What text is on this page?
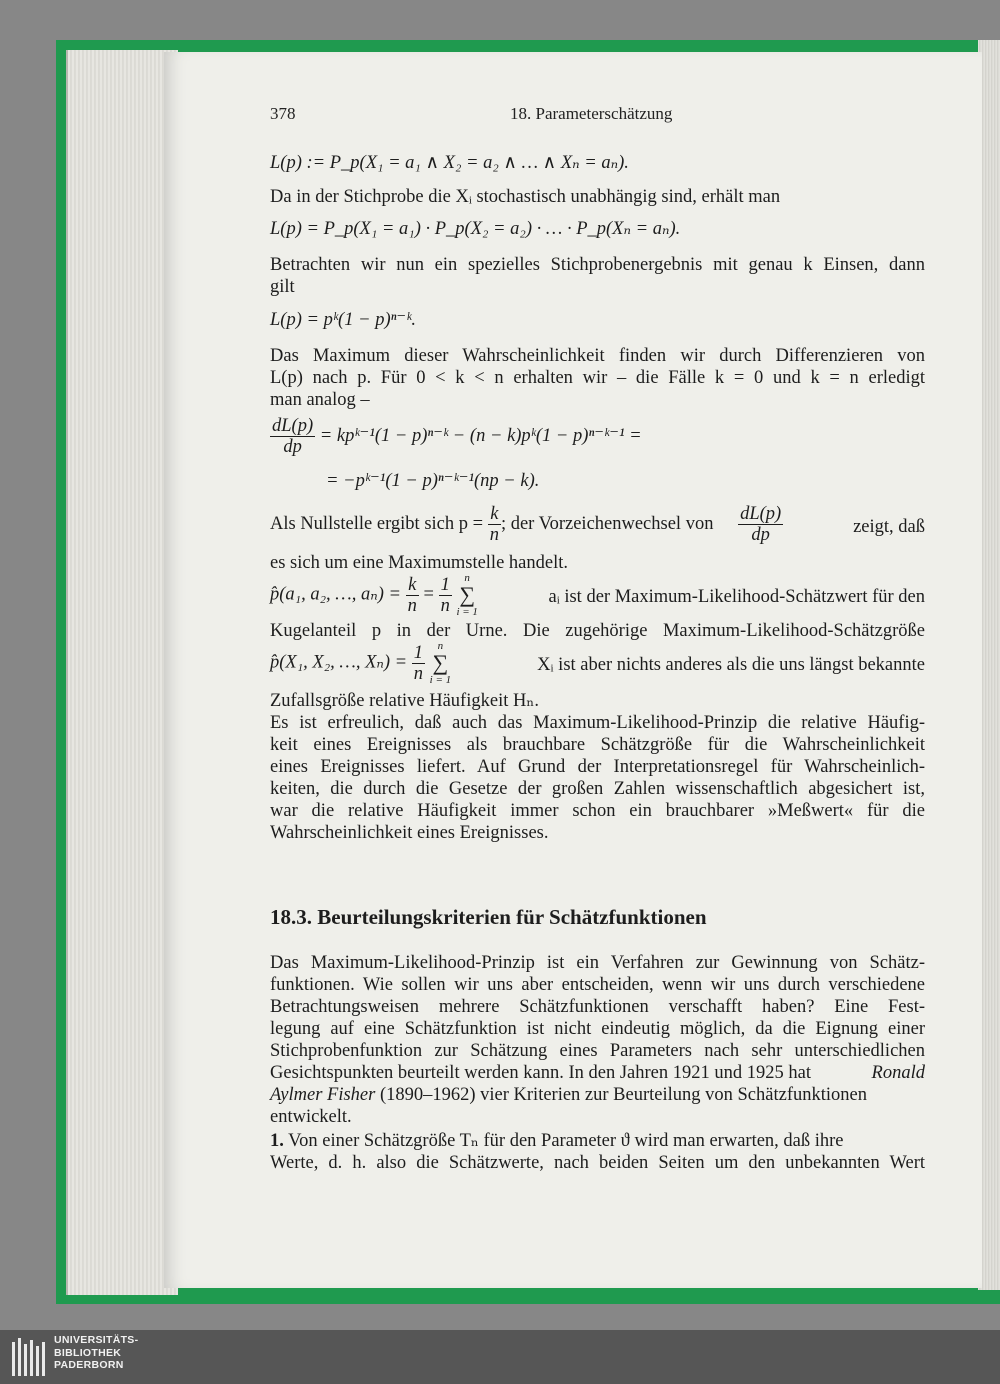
378	18. Parameterschätzung
L(p) := P_p(X₁ = a₁ ∧ X₂ = a₂ ∧ … ∧ Xₙ = aₙ).
Da in der Stichprobe die Xᵢ stochastisch unabhängig sind, erhält man
L(p) = P_p(X₁ = a₁) · P_p(X₂ = a₂) · … · P_p(Xₙ = aₙ).
Betrachten wir nun ein spezielles Stichprobenergebnis mit genau k Einsen, dann
gilt
L(p) = pᵏ(1 − p)ⁿ⁻ᵏ.
Das Maximum dieser Wahrscheinlichkeit finden wir durch Differenzieren von
L(p) nach p. Für 0 < k < n erhalten wir – die Fälle k = 0 und k = n erledigt
man analog –
$\frac{dL(p)}{dp}$ = kpᵏ⁻¹(1 − p)ⁿ⁻ᵏ − (n − k)pᵏ(1 − p)ⁿ⁻ᵏ⁻¹ =
= −pᵏ⁻¹(1 − p)ⁿ⁻ᵏ⁻¹(np − k).
Als Nullstelle ergibt sich $p = \frac{k}{n}$ ; der Vorzeichenwechsel von $\frac{dL(p)}{dp}$	zeigt, daß
es sich um eine Maximumstelle handelt.
p̂(a₁, a₂, …, $a_n) = \frac{k}{n} = \frac{1}{n}$ n
∑
i = 1
aᵢ ist der Maximum-Likelihood-Schätzwert für den
Kugelanteil p in der Urne. Die zugehörige Maximum-Likelihood-Schätzgröße
p̂(X₁, X₂, …, $X_n) = \frac{1}{n}$ n
∑
i = 1
Xᵢ ist aber nichts anderes als die uns längst bekannte
Zufallsgröße relative Häufigkeit Hₙ.
Es ist erfreulich, daß auch das Maximum-Likelihood-Prinzip die relative Häufig-
keit eines Ereignisses als brauchbare Schätzgröße für die Wahrscheinlichkeit
eines Ereignisses liefert. Auf Grund der Interpretationsregel für Wahrscheinlich-
keiten, die durch die Gesetze der großen Zahlen wissenschaftlich abgesichert ist,
war die relative Häufigkeit immer schon ein brauchbarer »Meßwert« für die
Wahrscheinlichkeit eines Ereignisses.
18.3. Beurteilungskriterien für Schätzfunktionen
Das Maximum-Likelihood-Prinzip ist ein Verfahren zur Gewinnung von Schätz-
funktionen. Wie sollen wir uns aber entscheiden, wenn wir uns durch verschiedene
Betrachtungsweisen mehrere Schätzfunktionen verschafft haben? Eine Fest-
legung auf eine Schätzfunktion ist nicht eindeutig möglich, da die Eignung einer
Stichprobenfunktion zur Schätzung eines Parameters nach sehr unterschiedlichen
Gesichtspunkten beurteilt werden kann. In den Jahren 1921 und 1925 hat	Ronald
Aylmer Fisher (1890–1962) vier Kriterien zur Beurteilung von Schätzfunktionen
entwickelt.
1. Von einer Schätzgröße Tₙ für den Parameter ϑ wird man erwarten, daß ihre
Werte, d. h. also die Schätzwerte, nach beiden Seiten um den unbekannten Wert
UNIVERSITÄTS-
BIBLIOTHEK
PADERBORN
